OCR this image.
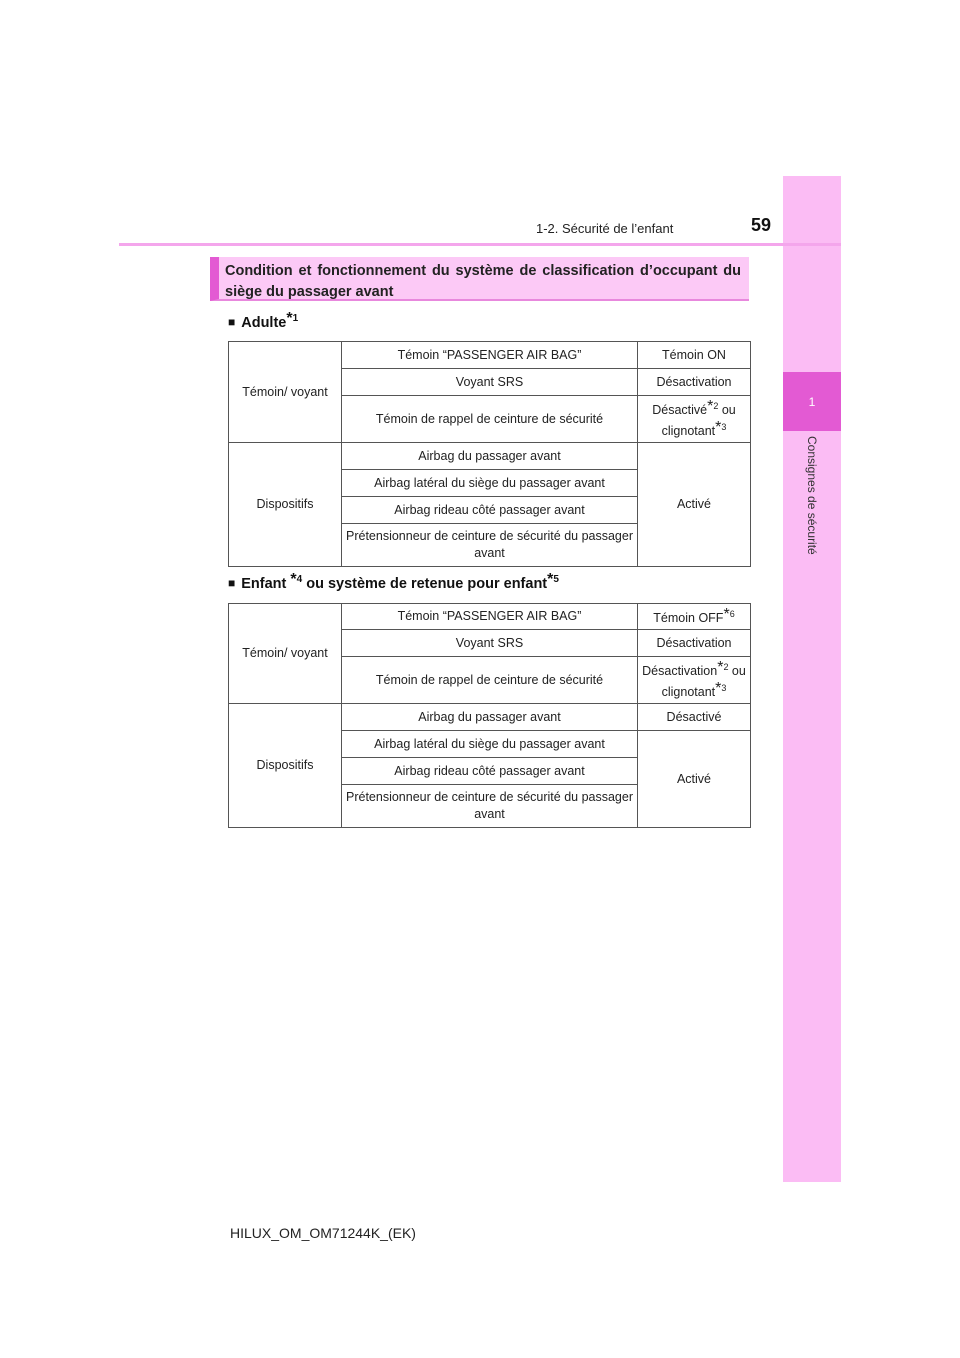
1
Consignes de sécurité
1-2. Sécurité de l’enfant	59
Condition et fonctionnement du système de classification d’occupant du siège du passager avant
■ Adulte$^{*1}$
Témoin/ voyant	Témoin “PASSENGER AIR BAG”	Témoin ON
	Voyant SRS	Désactivation
	Témoin de rappel de ceinture de sécurité	Désactivé$^{*2}$ ou clignotant$^{*3}$
Dispositifs	Airbag du passager avant	Activé
	Airbag latéral du siège du passager avant	
	Airbag rideau côté passager avant	
	Prétensionneur de ceinture de sécurité du passager avant	
■ Enfant $^{*4}$ ou système de retenue pour enfant$^{*5}$
Témoin/ voyant	Témoin “PASSENGER AIR BAG”	Témoin OFF$^{*6}$
	Voyant SRS	Désactivation
	Témoin de rappel de ceinture de sécurité	Désactivation$^{*2}$ ou clignotant$^{*3}$
Dispositifs	Airbag du passager avant	Désactivé
	Airbag latéral du siège du passager avant	Activé
	Airbag rideau côté passager avant	
	Prétensionneur de ceinture de sécurité du passager avant	
HILUX_OM_OM71244K_(EK)
